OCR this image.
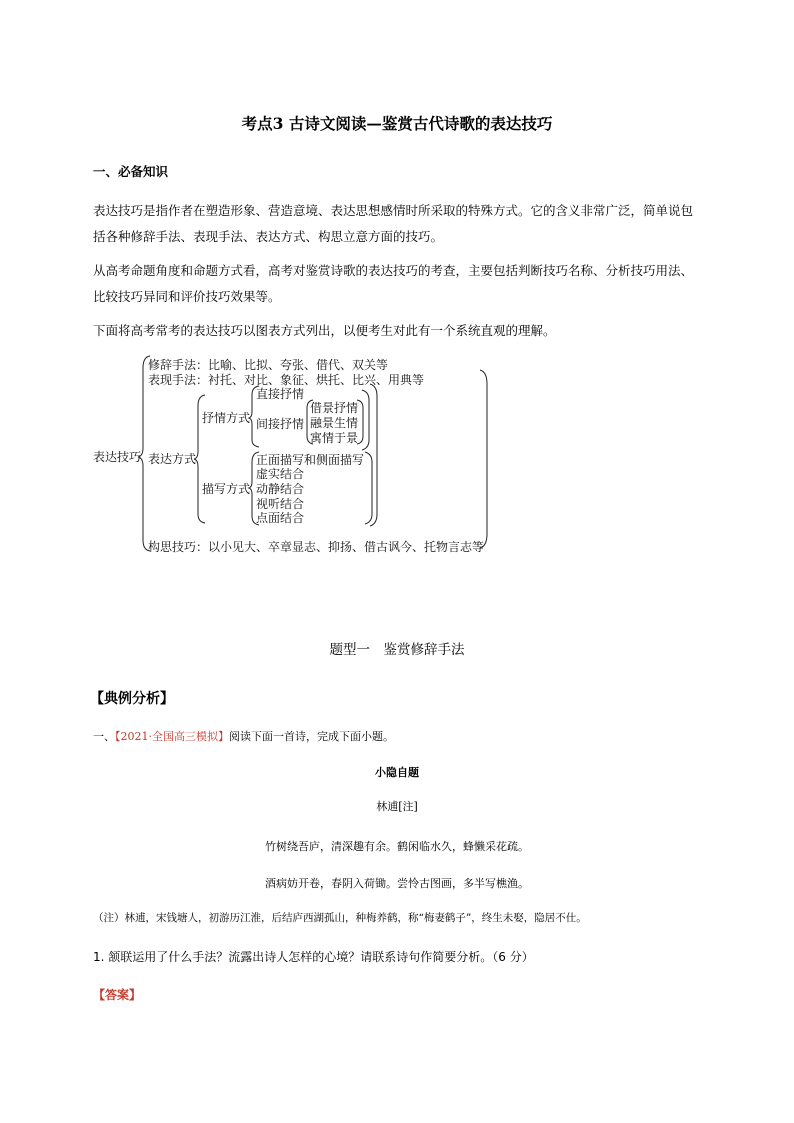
考点3 古诗文阅读—鉴赏古代诗歌的表达技巧
一、必备知识
表达技巧是指作者在塑造形象、营造意境、表达思想感情时所采取的特殊方式。它的含义非常广泛，简单说包括各种修辞手法、表现手法、表达方式、构思立意方面的技巧。
从高考命题角度和命题方式看，高考对鉴赏诗歌的表达技巧的考查，主要包括判断技巧名称、分析技巧用法、比较技巧异同和评价技巧效果等。
下面将高考常考的表达技巧以图表方式列出，以便考生对此有一个系统直观的理解。
表达技巧
修辞手法：比喻、比拟、夸张、借代、双关等
表现手法：衬托、对比、象征、烘托、比兴、用典等
表达方式
抒情方式
直接抒情
间接抒情
借景抒情
融景生情
寓情于景
描写方式
正面描写和侧面描写
虚实结合
动静结合
视听结合
点面结合
构思技巧：以小见大、卒章显志、抑扬、借古讽今、托物言志等
题型一　鉴赏修辞手法
【典例分析】
一、【2021·全国高三模拟】阅读下面一首诗，完成下面小题。
小隐自题
林逋[注]
竹树绕吾庐，清深趣有余。鹤闲临水久，蜂懒采花疏。
酒病妨开卷，春阴入荷锄。尝怜古图画，多半写樵渔。
（注）林逋，宋钱塘人，初游历江淮，后结庐西湖孤山，种梅养鹤，称“梅妻鹤子”，终生未娶，隐居不仕。
1. 颔联运用了什么手法？流露出诗人怎样的心境？请联系诗句作简要分析。（6 分）
【答案】
